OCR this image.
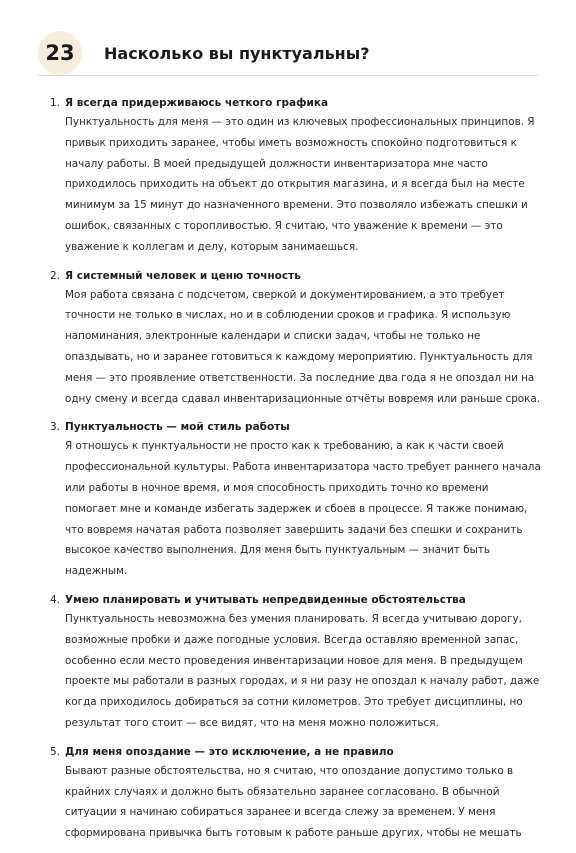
23	Насколько вы пунктуальны?
1. Я всегда придерживаюсь четкого графика

Пунктуальность для меня — это один из ключевых профессиональных принципов. Я привык приходить заранее, чтобы иметь возможность спокойно подготовиться к началу работы. В моей предыдущей должности инвентаризатора мне часто приходилось приходить на объект до открытия магазина, и я всегда был на месте минимум за 15 минут до назначенного времени. Это позволяло избежать спешки и ошибок, связанных с торопливостью. Я считаю, что уважение к времени — это уважение к коллегам и делу, которым занимаешься.

2. Я системный человек и ценю точность

Моя работа связана с подсчетом, сверкой и документированием, а это требует точности не только в числах, но и в соблюдении сроков и графика. Я использую напоминания, электронные календари и списки задач, чтобы не только не опаздывать, но и заранее готовиться к каждому мероприятию. Пунктуальность для меня — это проявление ответственности. За последние два года я не опоздал ни на одну смену и всегда сдавал инвентаризационные отчёты вовремя или раньше срока.

3. Пунктуальность — мой стиль работы

Я отношусь к пунктуальности не просто как к требованию, а как к части своей профессиональной культуры. Работа инвентаризатора часто требует раннего начала или работы в ночное время, и моя способность приходить точно ко времени помогает мне и команде избегать задержек и сбоев в процессе. Я также понимаю, что вовремя начатая работа позволяет завершить задачи без спешки и сохранить высокое качество выполнения. Для меня быть пунктуальным — значит быть надежным.

4. Умею планировать и учитывать непредвиденные обстоятельства

Пунктуальность невозможна без умения планировать. Я всегда учитываю дорогу, возможные пробки и даже погодные условия. Всегда оставляю временной запас, особенно если место проведения инвентаризации новое для меня. В предыдущем проекте мы работали в разных городах, и я ни разу не опоздал к началу работ, даже когда приходилось добираться за сотни километров. Это требует дисциплины, но результат того стоит — все видят, что на меня можно положиться.

5. Для меня опоздание — это исключение, а не правило

Бывают разные обстоятельства, но я считаю, что опоздание допустимо только в крайних случаях и должно быть обязательно заранее согласовано. В обычной ситуации я начинаю собираться заранее и всегда слежу за временем. У меня сформирована привычка быть готовым к работе раньше других, чтобы не мешать
